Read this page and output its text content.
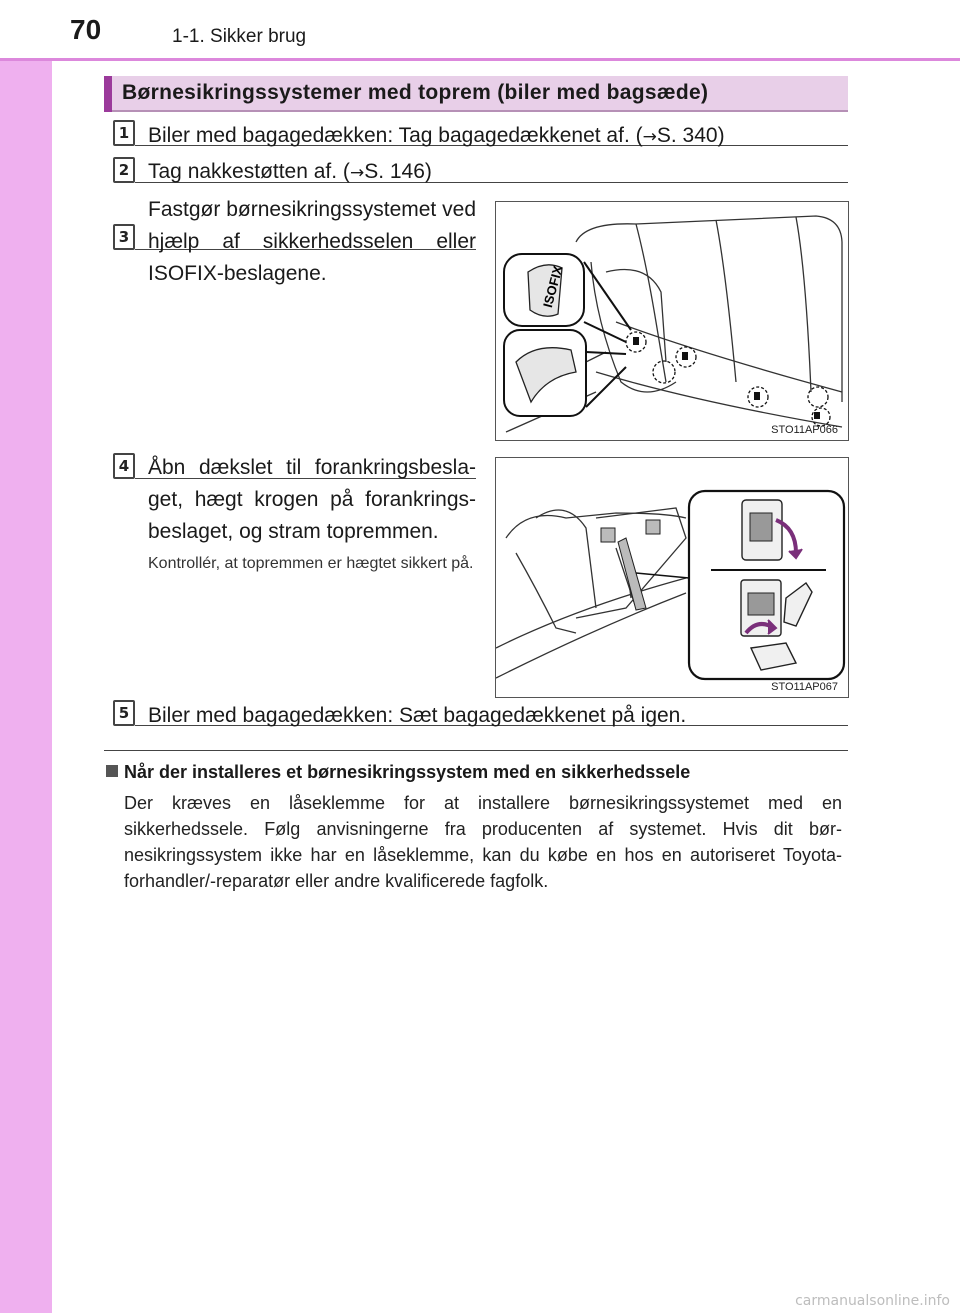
70	1-1. Sikker brug
Børnesikringssystemer med toprem (biler med bagsæde)
1 Biler med bagagedækken: Tag bagagedækkenet af. (→S. 340)
2 Tag nakkestøtten af. (→S. 146)
3
Fastgør børnesikringssystemet ved hjælp af sikkerhedsselen eller ISOFIX-beslagene.	ISOFIX
STO11AP066
4 Åbn dækslet til forankringsbesla-get, hægt krogen på forankrings-beslaget, og stram topremmen.
Kontrollér, at topremmen er hægtet sikkert på.
STO11AP067
5 Biler med bagagedækken: Sæt bagagedækkenet på igen.
Når der installeres et børnesikringssystem med en sikkerhedssele
Der kræves en låseklemme for at installere børnesikringssystemet med en sikkerhedssele. Følg anvisningerne fra producenten af systemet. Hvis dit bør-nesikringssystem ikke har en låseklemme, kan du købe en hos en autoriseret Toyota-forhandler/-reparatør eller andre kvalificerede fagfolk.
carmanualsonline.info
